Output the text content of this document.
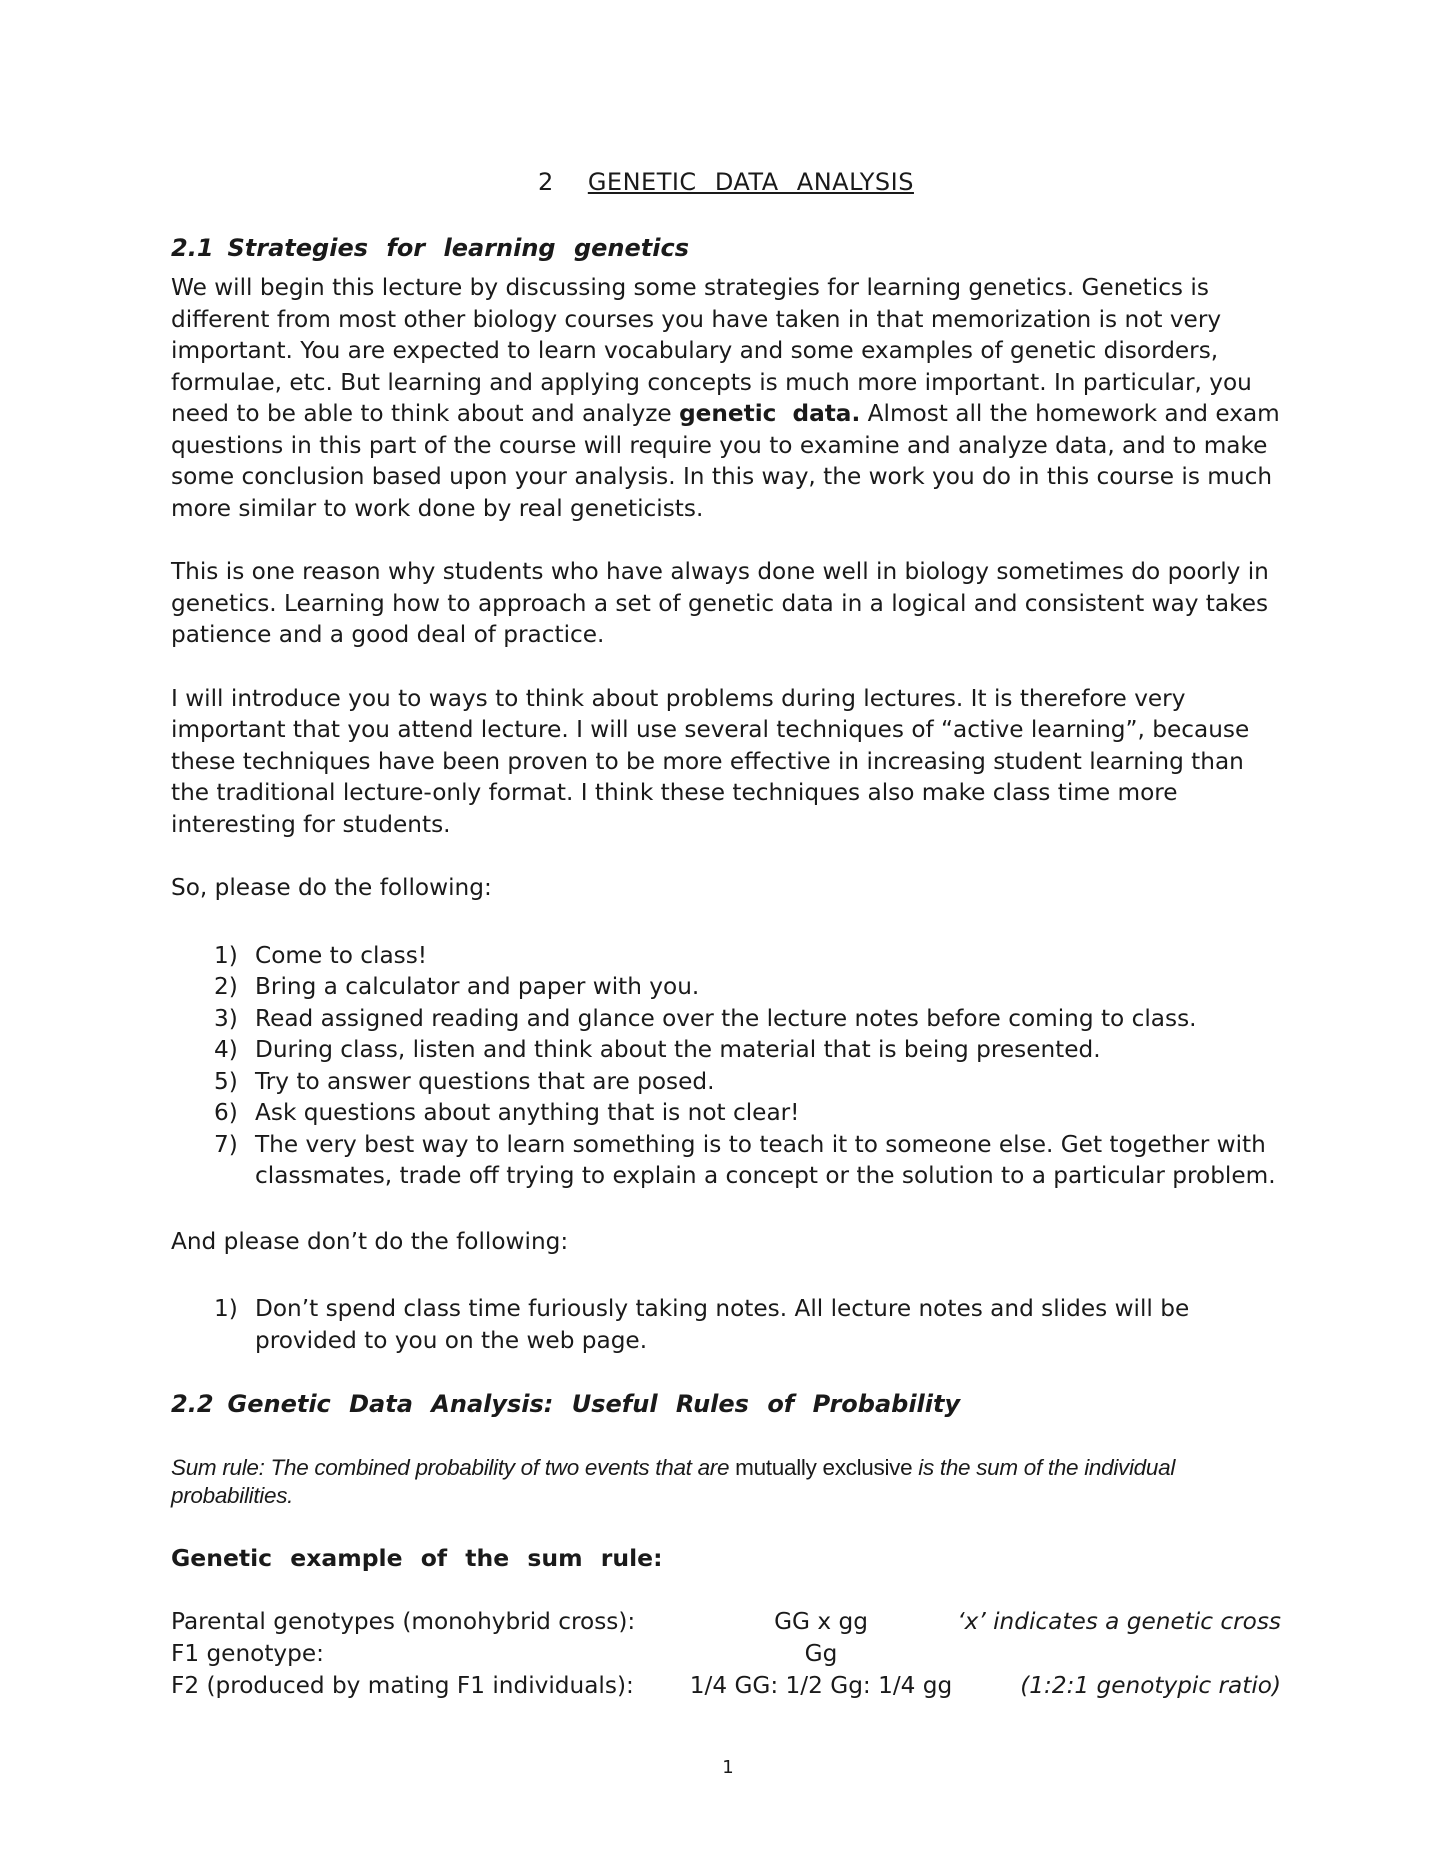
2 GENETIC DATA ANALYSIS
2.1 Strategies for learning genetics

We will begin this lecture by discussing some strategies for learning genetics. Genetics is different from most other biology courses you have taken in that memorization is not very important. You are expected to learn vocabulary and some examples of genetic disorders, formulae, etc. But learning and applying concepts is much more important. In particular, you need to be able to think about and analyze genetic data. Almost all the homework and exam questions in this part of the course will require you to examine and analyze data, and to make some conclusion based upon your analysis. In this way, the work you do in this course is much more similar to work done by real geneticists.

This is one reason why students who have always done well in biology sometimes do poorly in genetics. Learning how to approach a set of genetic data in a logical and consistent way takes patience and a good deal of practice.

I will introduce you to ways to think about problems during lectures. It is therefore very important that you attend lecture. I will use several techniques of “active learning”, because these techniques have been proven to be more effective in increasing student learning than the traditional lecture-only format. I think these techniques also make class time more interesting for students.

So, please do the following:

1) Come to class!
2) Bring a calculator and paper with you.
3) Read assigned reading and glance over the lecture notes before coming to class.
4) During class, listen and think about the material that is being presented.
5) Try to answer questions that are posed.
6) Ask questions about anything that is not clear!
7) The very best way to learn something is to teach it to someone else. Get together with classmates, trade off trying to explain a concept or the solution to a particular problem.

And please don’t do the following:

1) Don’t spend class time furiously taking notes. All lecture notes and slides will be provided to you on the web page.
2.2 Genetic Data Analysis: Useful Rules of Probability
Sum rule: The combined probability of two events that are mutually exclusive is the sum of the individual probabilities.
Genetic example of the sum rule:
Parental genotypes (monohybrid cross):	GG x gg	‘x’ indicates a genetic cross
F1 genotype:	Gg
F2 (produced by mating F1 individuals):	1/4 GG: 1/2 Gg: 1/4 gg	(1:2:1 genotypic ratio)
1
